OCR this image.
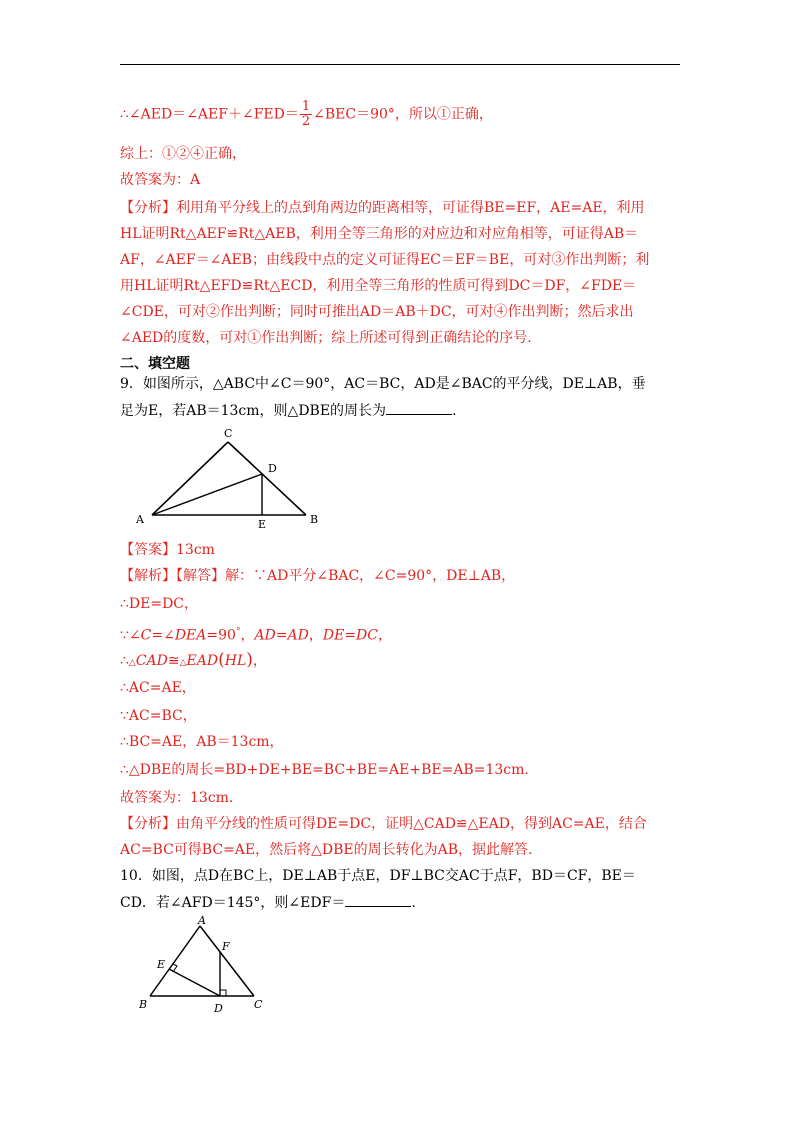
∴∠AED＝∠AEF＋∠FED＝ $\frac{1}{2}$ ∠BEC＝90°，所以①正确，
综上：①②④正确，
故答案为：A
【分析】利用角平分线上的点到角两边的距离相等，可证得BE=EF，AE=AE，利用
HL证明Rt△AEF≌Rt△AEB，利用全等三角形的对应边和对应角相等，可证得AB＝
AF，∠AEF＝∠AEB；由线段中点的定义可证得EC＝EF＝BE，可对③作出判断；利
用HL证明Rt△EFD≌Rt△ECD，利用全等三角形的性质可得到DC＝DF，∠FDE＝
∠CDE，可对②作出判断；同时可推出AD＝AB＋DC，可对④作出判断；然后求出
∠AED的度数，可对①作出判断；综上所述可得到正确结论的序号.
二、填空题
9．如图所示，△ABC中∠C＝90°，AC＝BC，AD是∠BAC的平分线，DE⊥AB，垂
足为E，若AB＝13cm，则△DBE的周长为	.
C
D
A	E	B
【答案】13cm
【解析】【解答】解：∵AD平分∠BAC，∠C=90°，DE⊥AB，
∴DE=DC，
∵∠C=∠DEA=90°，AD=AD，DE=DC，
∴△CAD≅△EAD(HL)，
∴AC=AE，
∵AC=BC，
∴BC=AE，AB＝13cm，
∴△DBE的周长=BD+DE+BE=BC+BE=AE+BE=AB=13cm.
故答案为：13cm.
【分析】由角平分线的性质可得DE=DC，证明△CAD≌△EAD，得到AC=AE，结合
AC=BC可得BC=AE，然后将△DBE的周长转化为AB，据此解答.
10．如图，点D在BC上，DE⊥AB于点E，DF⊥BC交AC于点F，BD＝CF，BE＝
CD．若∠AFD＝145°，则∠EDF＝	.
A
F
E
B	D	C
